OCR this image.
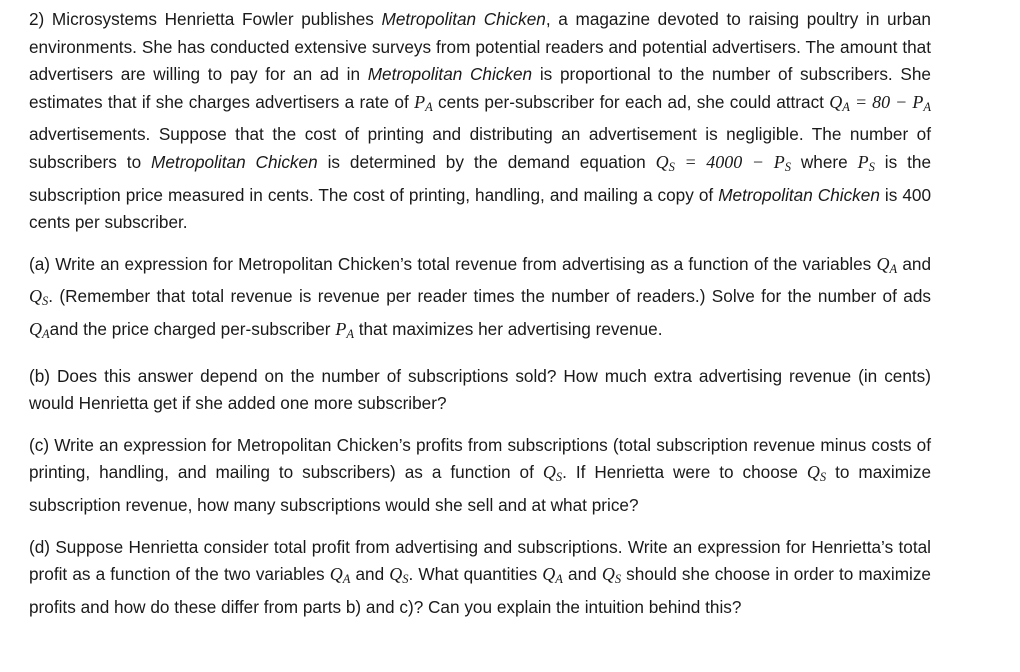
2) Microsystems Henrietta Fowler publishes Metropolitan Chicken, a magazine devoted to raising poultry in urban environments. She has conducted extensive surveys from potential readers and potential advertisers. The amount that advertisers are willing to pay for an ad in Metropolitan Chicken is proportional to the number of subscribers. She estimates that if she charges advertisers a rate of $P_A$ cents per-subscriber for each ad, she could attract $Q_A = 80 - P_A$ advertisements. Suppose that the cost of printing and distributing an advertisement is negligible. The number of subscribers to Metropolitan Chicken is determined by the demand equation $Q_S = 4000 - P_S$ where $P_S$ is the subscription price measured in cents. The cost of printing, handling, and mailing a copy of Metropolitan Chicken is 400 cents per subscriber.

(a) Write an expression for Metropolitan Chicken’s total revenue from advertising as a function of the variables $Q_A$ and $Q_S$. (Remember that total revenue is revenue per reader times the number of readers.) Solve for the number of ads $Q_Aand$ the price charged per-subscriber $P_A$ that maximizes her advertising revenue.

(b) Does this answer depend on the number of subscriptions sold? How much extra advertising revenue (in cents) would Henrietta get if she added one more subscriber?

(c) Write an expression for Metropolitan Chicken’s profits from subscriptions (total subscription revenue minus costs of printing, handling, and mailing to subscribers) as a function of $Q_S$. If Henrietta were to choose $Q_S$ to maximize subscription revenue, how many subscriptions would she sell and at what price?

(d) Suppose Henrietta consider total profit from advertising and subscriptions. Write an expression for Henrietta’s total profit as a function of the two variables $Q_A$ and $Q_S$. What quantities $Q_A$ and $Q_S$ should she choose in order to maximize profits and how do these differ from parts b) and c)? Can you explain the intuition behind this?
